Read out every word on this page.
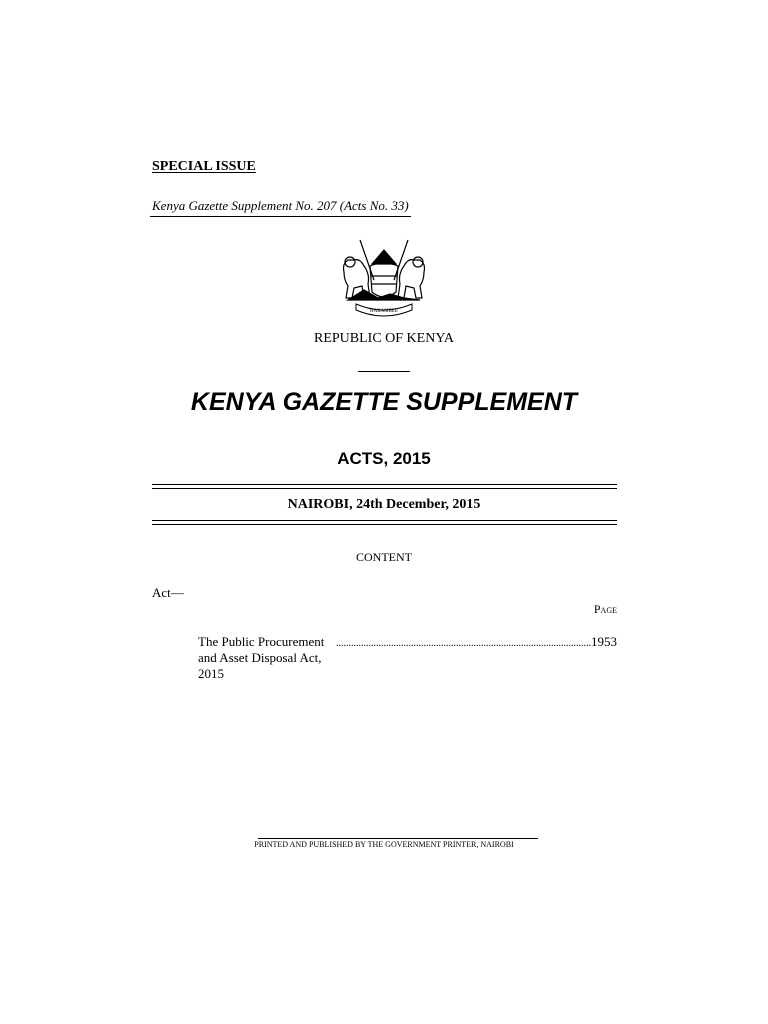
SPECIAL ISSUE
Kenya Gazette Supplement No. 207 (Acts No. 33)
HARAMBEE
REPUBLIC OF KENYA
KENYA GAZETTE SUPPLEMENT
ACTS, 2015
NAIROBI, 24th December, 2015
CONTENT
Act—
Page
The Public Procurement and Asset Disposal Act, 2015
...................................................................................................... 1953
PRINTED AND PUBLISHED BY THE GOVERNMENT PRINTER, NAIROBI
